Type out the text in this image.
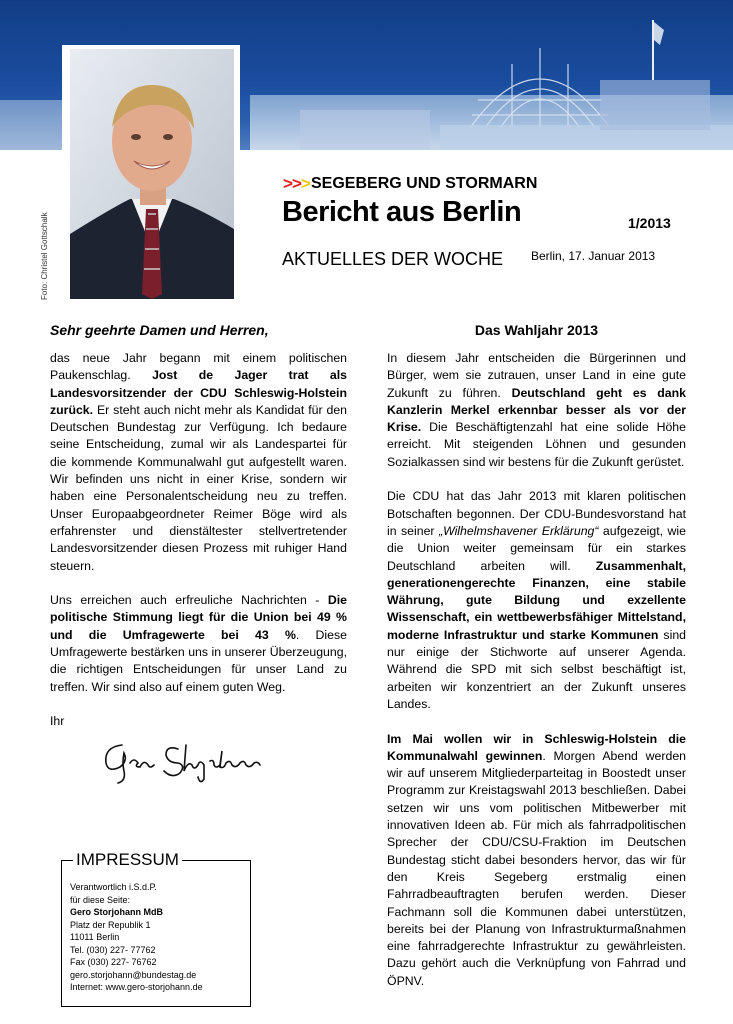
Foto: Christel Gottschalk
>>> SEGEBERG UND STORMARN
Bericht aus Berlin	1/2013
AKTUELLES DER WOCHE Berlin, 17. Januar 2013
Sehr geehrte Damen und Herren,

das neue Jahr begann mit einem politischen Paukenschlag. Jost de Jager trat als Landesvorsitzender der CDU Schleswig-Holstein zurück. Er steht auch nicht mehr als Kandidat für den Deutschen Bundestag zur Verfügung. Ich bedaure seine Entscheidung, zumal wir als Landespartei für die kommende Kommunalwahl gut aufgestellt waren. Wir befinden uns nicht in einer Krise, sondern wir haben eine Personalentscheidung neu zu treffen. Unser Europaabgeordneter Reimer Böge wird als erfahrenster und dienstältester stellvertretender Landesvorsitzender diesen Prozess mit ruhiger Hand steuern.

Uns erreichen auch erfreuliche Nachrichten - Die politische Stimmung liegt für die Union bei 49 % und die Umfragewerte bei 43 %. Diese Umfragewerte bestärken uns in unserer Überzeugung, die richtigen Entscheidungen für unser Land zu treffen. Wir sind also auf einem guten Weg.

Ihr

IMPRESSUM
Verantwortlich i.S.d.P.
für diese Seite:
Gero Storjohann MdB
Platz der Republik 1
11011 Berlin
Tel. (030) 227- 77762
Fax (030) 227- 76762
gero.storjohann@bundestag.de
Internet: www.gero-storjohann.de
Das Wahljahr 2013

In diesem Jahr entscheiden die Bürgerinnen und Bürger, wem sie zutrauen, unser Land in eine gute Zukunft zu führen. Deutschland geht es dank Kanzlerin Merkel erkennbar besser als vor der Krise. Die Beschäftigtenzahl hat eine solide Höhe erreicht. Mit steigenden Löhnen und gesunden Sozialkassen sind wir bestens für die Zukunft gerüstet.

Die CDU hat das Jahr 2013 mit klaren politischen Botschaften begonnen. Der CDU-Bundesvorstand hat in seiner „Wilhelmshavener Erklärung“ aufgezeigt, wie die Union weiter gemeinsam für ein starkes Deutschland arbeiten will. Zusammenhalt, generationengerechte Finanzen, eine stabile Währung, gute Bildung und exzellente Wissenschaft, ein wettbewerbsfähiger Mittelstand, moderne Infrastruktur und starke Kommunen sind nur einige der Stichworte auf unserer Agenda. Während die SPD mit sich selbst beschäftigt ist, arbeiten wir konzentriert an der Zukunft unseres Landes.

Im Mai wollen wir in Schleswig-Holstein die Kommunalwahl gewinnen. Morgen Abend werden wir auf unserem Mitgliederparteitag in Boostedt unser Programm zur Kreistagswahl 2013 beschließen. Dabei setzen wir uns vom politischen Mitbewerber mit innovativen Ideen ab. Für mich als fahrradpolitischen Sprecher der CDU/CSU-Fraktion im Deutschen Bundestag sticht dabei besonders hervor, das wir für den Kreis Segeberg erstmalig einen Fahrradbeauftragten berufen werden. Dieser Fachmann soll die Kommunen dabei unterstützen, bereits bei der Planung von Infrastrukturmaßnahmen eine fahrradgerechte Infrastruktur zu gewährleisten. Dazu gehört auch die Verknüpfung von Fahrrad und ÖPNV.
